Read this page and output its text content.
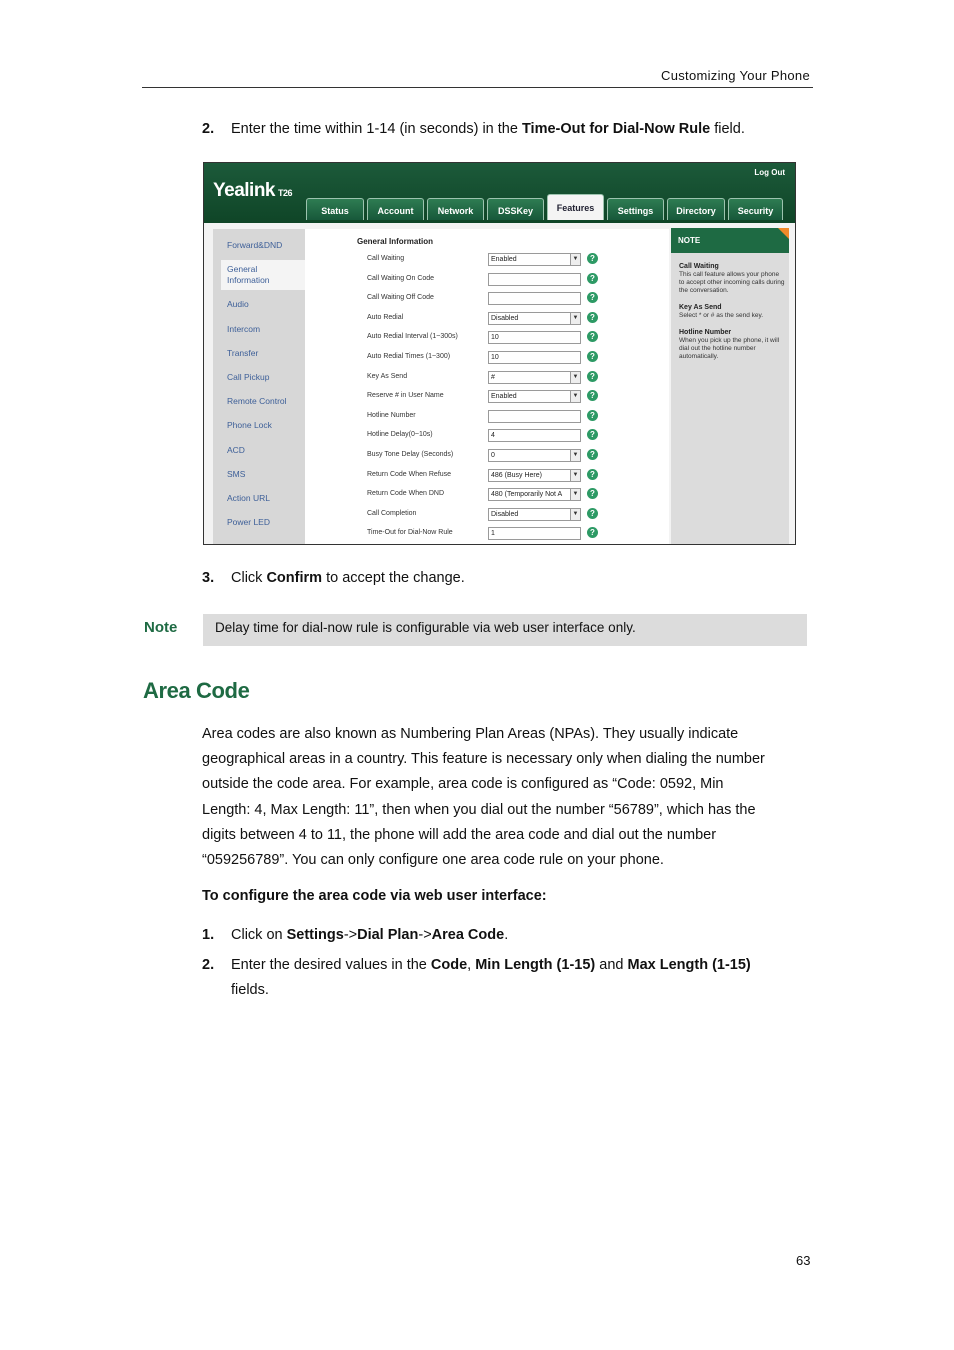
Customizing Your Phone
2. Enter the time within 1-14 (in seconds) in the Time-Out for Dial-Now Rule field.
Yealink T26
Log Out
Status	Account	Network	DSSKey	Features	Settings	Directory	Security
Forward&DND
General
Information
Audio
Intercom
Transfer
Call Pickup
Remote Control
Phone Lock
ACD
SMS
Action URL
Power LED
General Information
Call Waiting	Enabled	▼	?
Call Waiting On Code	?
Call Waiting Off Code	?
Auto Redial	Disabled	▼	?
Auto Redial Interval (1~300s)	10	?
Auto Redial Times (1~300)	10	?
Key As Send	#	▼	?
Reserve # in User Name	Enabled	▼	?
Hotline Number	?
Hotline Delay(0~10s)	4	?
Busy Tone Delay (Seconds)	0	▼	?
Return Code When Refuse	486 (Busy Here)	▼	?
Return Code When DND	480 (Temporarily Not A	▼	?
Call Completion	Disabled	▼	?
Time-Out for Dial-Now Rule	1	?
NOTE
Call Waiting
This call feature allows your phone to accept other incoming calls during the conversation.
Key As Send
Select * or # as the send key.
Hotline Number
When you pick up the phone, it will dial out the hotline number automatically.
3. Click Confirm to accept the change.
Note	Delay time for dial-now rule is configurable via web user interface only.
Area Code
Area codes are also known as Numbering Plan Areas (NPAs). They usually indicate
geographical areas in a country. This feature is necessary only when dialing the number
outside the code area. For example, area code is configured as “Code: 0592, Min
Length: 4, Max Length: 11”, then when you dial out the number “56789”, which has the
digits between 4 to 11, the phone will add the area code and dial out the number
“059256789”. You can only configure one area code rule on your phone.
To configure the area code via web user interface:
1. Click on Settings->Dial Plan->Area Code.
2. Enter the desired values in the Code, Min Length (1-15) and Max Length (1-15)
fields.
63
